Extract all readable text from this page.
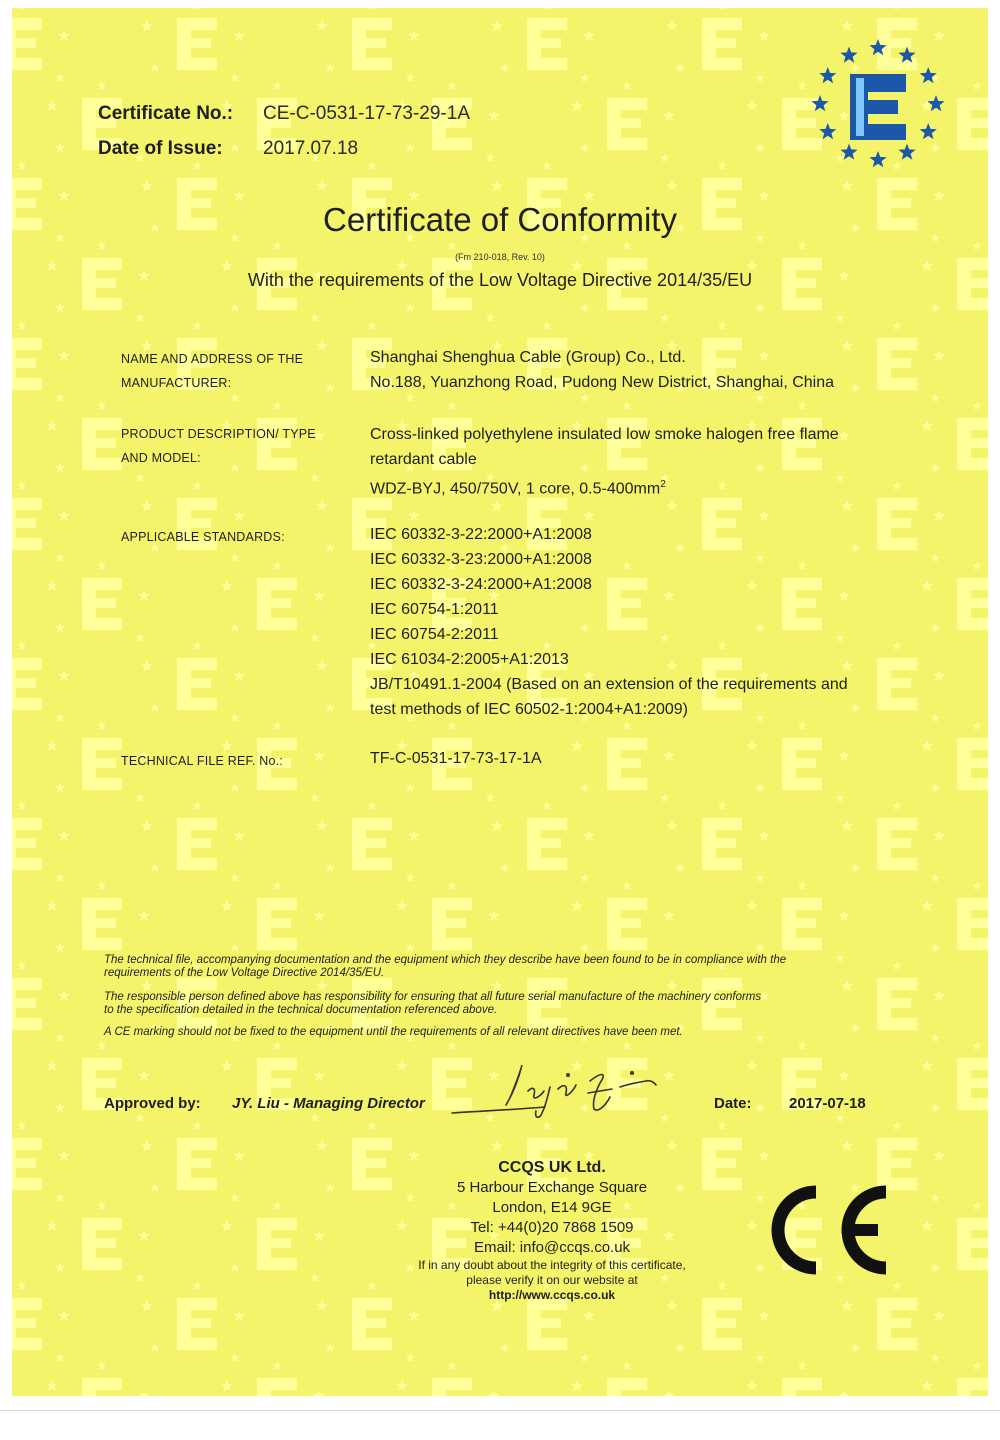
Certificate No.: CE-C-0531-17-73-29-1A
Date of Issue: 2017.07.18
Certificate of Conformity
(Fm 210-018, Rev. 10)
With the requirements of the Low Voltage Directive 2014/35/EU
NAME AND ADDRESS OF THE
MANUFACTURER:
Shanghai Shenghua Cable (Group) Co., Ltd.
No.188, Yuanzhong Road, Pudong New District, Shanghai, China
PRODUCT DESCRIPTION/ TYPE
AND MODEL:
Cross-linked polyethylene insulated low smoke halogen free flame
retardant cable
WDZ-BYJ, 450/750V, 1 core, $0.5-400mm^2$
APPLICABLE STANDARDS:	IEC 60332-3-22:2000+A1:2008
IEC 60332-3-23:2000+A1:2008
IEC 60332-3-24:2000+A1:2008
IEC 60754-1:2011
IEC 60754-2:2011
IEC 61034-2:2005+A1:2013
JB/T10491.1-2004 (Based on an extension of the requirements and
test methods of IEC 60502-1:2004+A1:2009)
TECHNICAL FILE REF. No.:	TF-C-0531-17-73-17-1A
The technical file, accompanying documentation and the equipment which they describe have been found to be in compliance with the
requirements of the Low Voltage Directive 2014/35/EU.
The responsible person defined above has responsibility for ensuring that all future serial manufacture of the machinery conforms
to the specification detailed in the technical documentation referenced above.
A CE marking should not be fixed to the equipment until the requirements of all relevant directives have been met.
Approved by: JY. Liu - Managing Director	Date: 2017-07-18
CCQS UK Ltd.
5 Harbour Exchange Square
London, E14 9GE
Tel: +44(0)20 7868 1509
Email: info@ccqs.co.uk
If in any doubt about the integrity of this certificate,
please verify it on our website at
http://www.ccqs.co.uk
